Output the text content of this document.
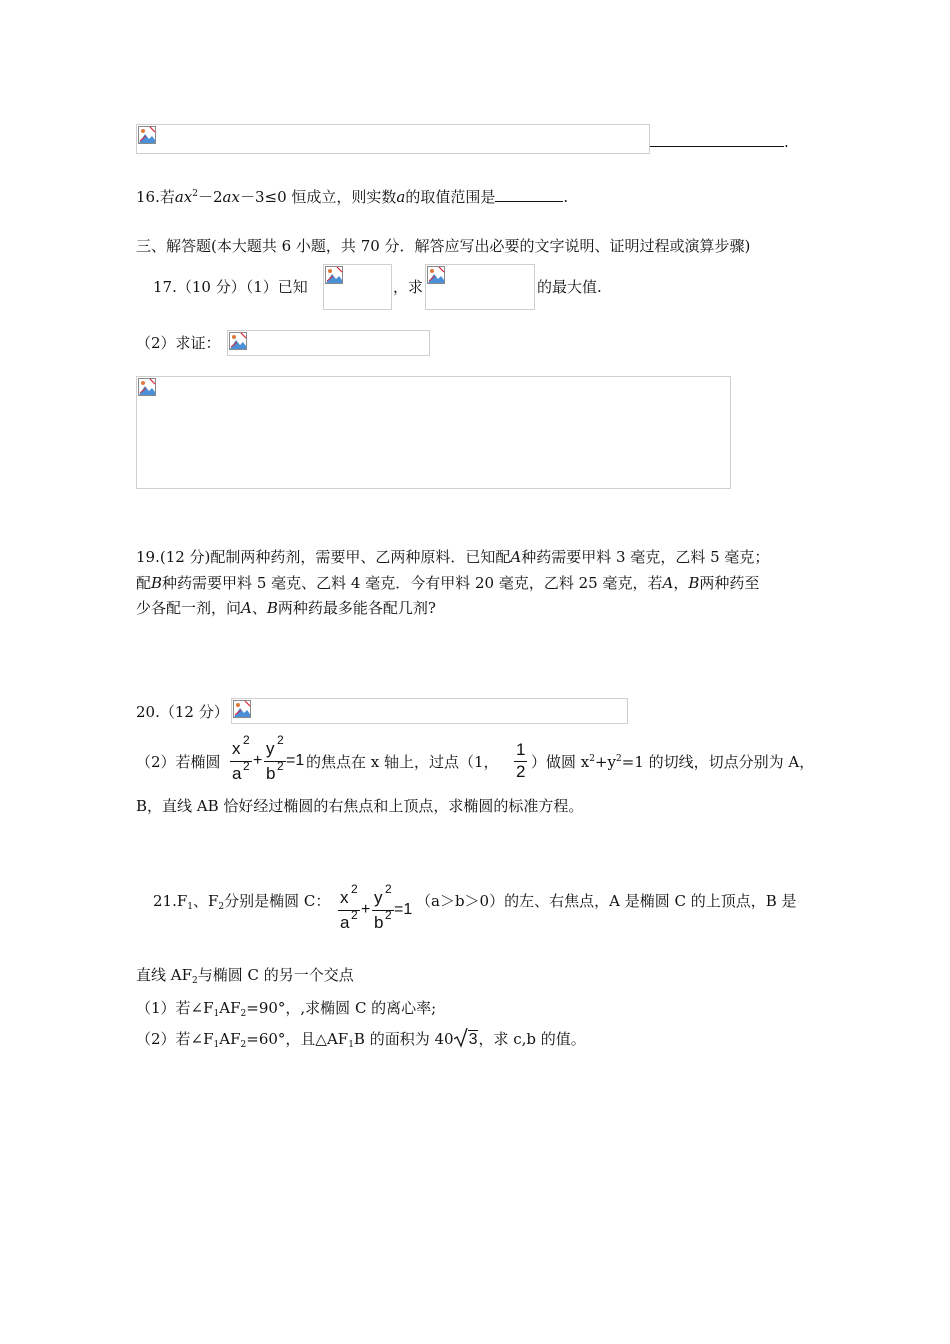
.
16.若$ax^2-2ax-3\le 0$ 恒成立，则实数a的取值范围是	.
三、解答题(本大题共 6 小题，共 70 分．解答应写出必要的文字说明、证明过程或演算步骤)
17.（10 分）（1）已知	，求	的最大值.
（2）求证：
19.(12 分)配制两种药剂，需要甲、乙两种原料．已知配A种药需要甲料 3 毫克，乙料 5 毫克；
配B种药需要甲料 5 毫克、乙料 4 毫克．今有甲料 20 毫克，乙料 25 毫克，若A，B两种药至
少各配一剂，问A、B两种药最多能各配几剂?
20.（12 分）
（2）若椭圆
x 2
a 2 +
y 2
b 2 =1 的焦点在 x 轴上，过点（1，
1
2 ）做圆 $x^2+y^2=1$ 的切线，切点分别为 A，
B，直线 AB 恰好经过椭圆的右焦点和上顶点，求椭圆的标准方程。
$21.F_1$、$F_2$分别是椭圆 C： x 2
a 2 +
y 2
b 2 =1 （a＞b＞0）的左、右焦点，A 是椭圆 C 的上顶点，B 是
直线 $AF_2$与椭圆 C 的另一个交点
（1）若$\angle F_1AF_2=90^\circ$，,求椭圆 C 的离心率;
（2）若$\angle F_1AF_2=60^\circ$，且$\triangle AF_1B$ 的面积为 40 3，求 c,b 的值。
